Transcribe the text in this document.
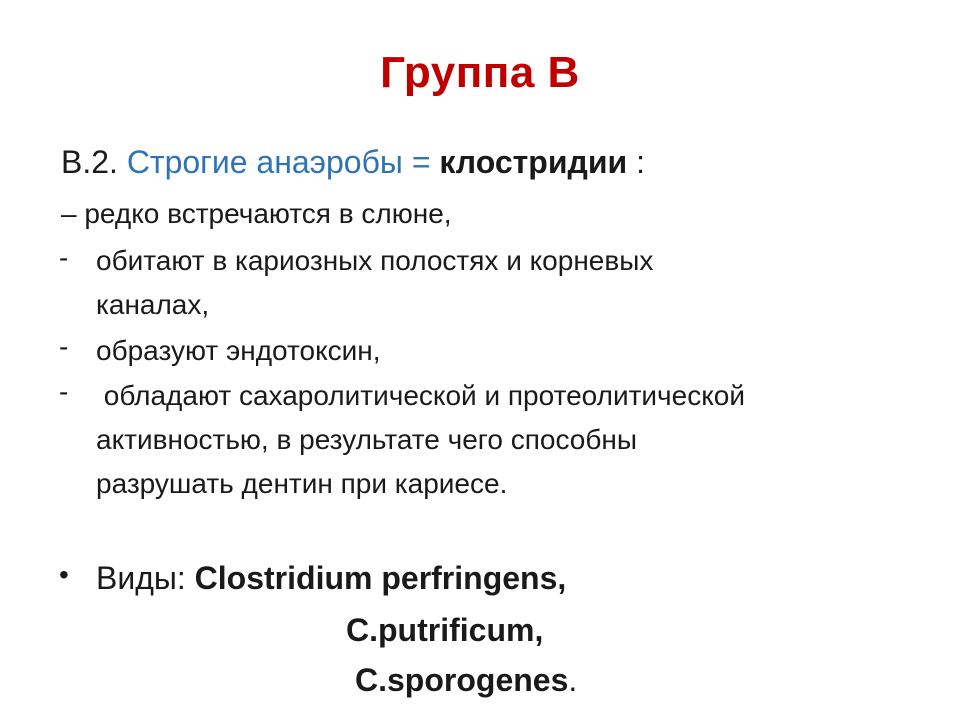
Группа В
В.2. Строгие анаэробы = клостридии :
– редко встречаются в слюне,
- обитают в кариозных полостях и корневых
каналах,
- образуют эндотоксин,
- обладают сахаролитической и протеолитической
активностью, в результате чего способны
разрушать дентин при кариесе.
• Виды: Clostridium perfringens,
C.putrificum,
C.sporogenes.
